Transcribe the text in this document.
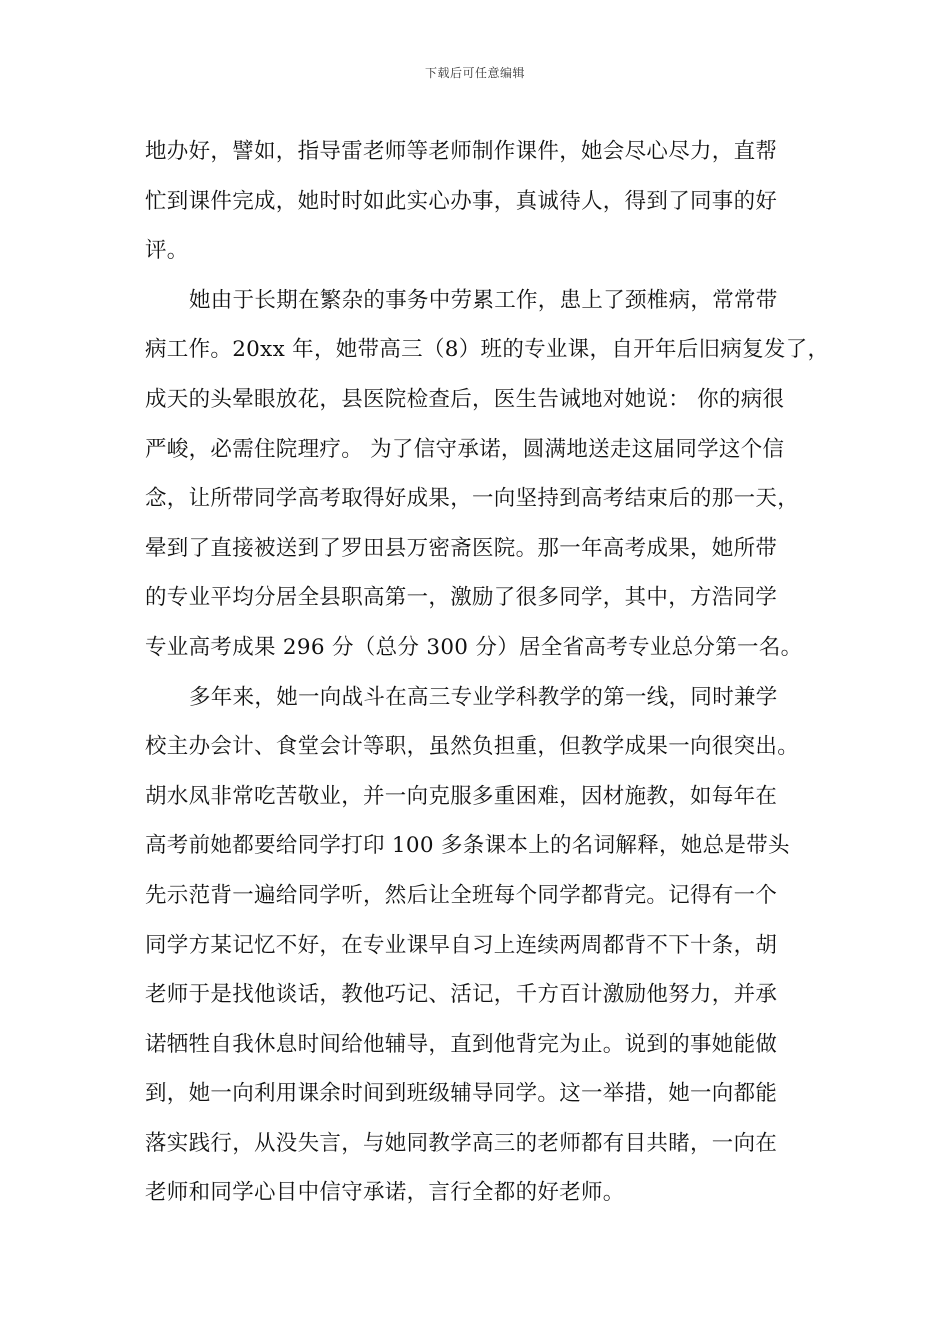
下载后可任意编辑
地办好，譬如，指导雷老师等老师制作课件，她会尽心尽力，直帮
忙到课件完成，她时时如此实心办事，真诚待人，得到了同事的好
评。
她由于长期在繁杂的事务中劳累工作，患上了颈椎病，常常带
病工作。20xx 年，她带高三（8）班的专业课，自开年后旧病复发了，
成天的头晕眼放花，县医院检查后，医生告诫地对她说： 你的病很
严峻，必需住院理疗。 为了信守承诺，圆满地送走这届同学这个信
念，让所带同学高考取得好成果，一向坚持到高考结束后的那一天，
晕到了直接被送到了罗田县万密斋医院。那一年高考成果，她所带
的专业平均分居全县职高第一，激励了很多同学，其中，方浩同学
专业高考成果 296 分（总分 300 分）居全省高考专业总分第一名。
多年来，她一向战斗在高三专业学科教学的第一线，同时兼学
校主办会计、食堂会计等职，虽然负担重，但教学成果一向很突出。
胡水凤非常吃苦敬业，并一向克服多重困难，因材施教，如每年在
高考前她都要给同学打印 100 多条课本上的名词解释，她总是带头
先示范背一遍给同学听，然后让全班每个同学都背完。记得有一个
同学方某记忆不好，在专业课早自习上连续两周都背不下十条，胡
老师于是找他谈话，教他巧记、活记，千方百计激励他努力，并承
诺牺牲自我休息时间给他辅导，直到他背完为止。说到的事她能做
到，她一向利用课余时间到班级辅导同学。这一举措，她一向都能
落实践行，从没失言，与她同教学高三的老师都有目共睹，一向在
老师和同学心目中信守承诺，言行全都的好老师。
